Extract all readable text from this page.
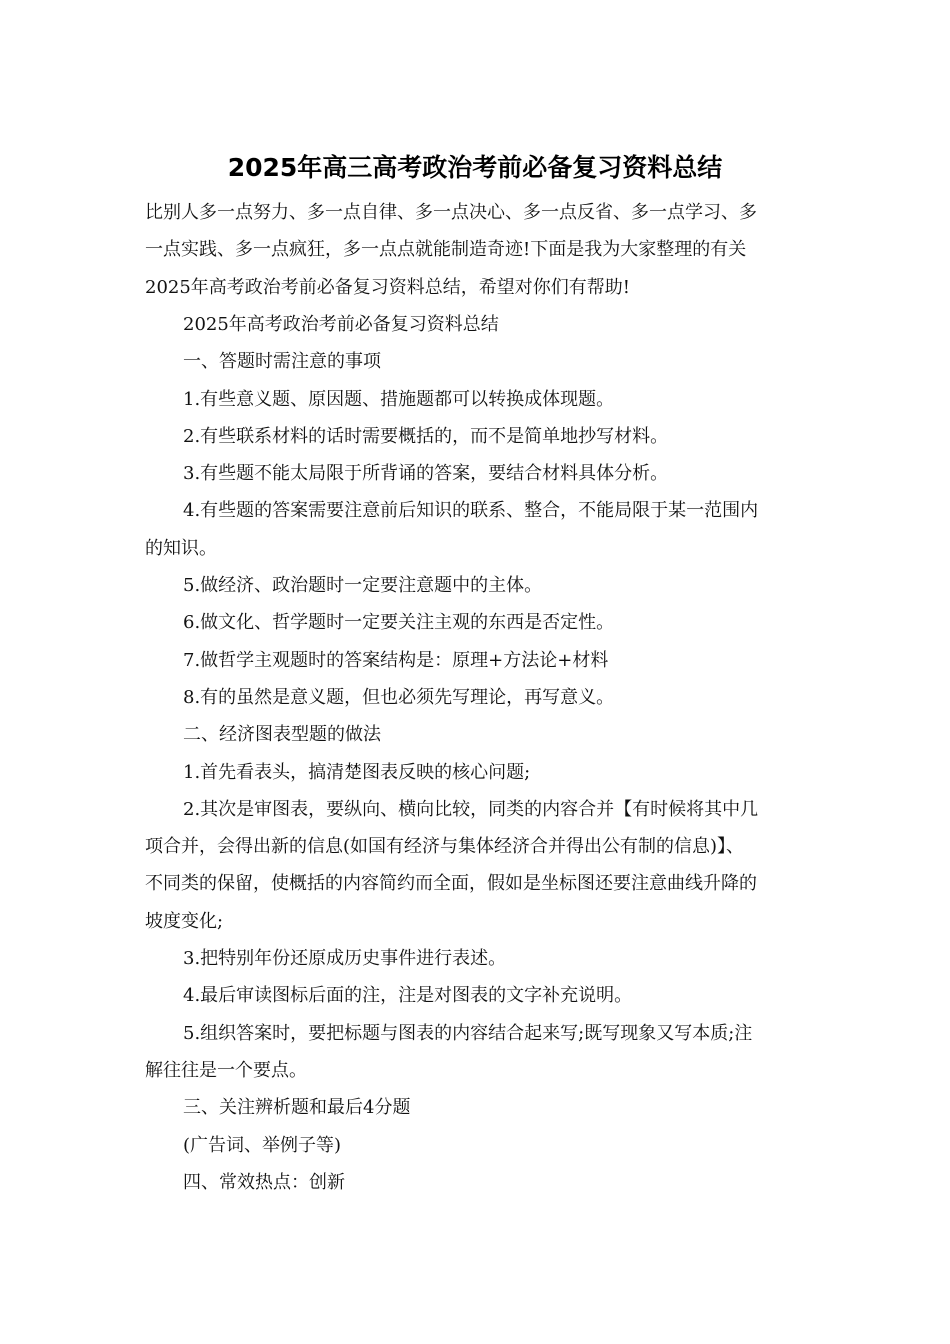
2025年高三高考政治考前必备复习资料总结
比别人多一点努力、多一点自律、多一点决心、多一点反省、多一点学习、多
一点实践、多一点疯狂，多一点点就能制造奇迹!下面是我为大家整理的有关
2025年高考政治考前必备复习资料总结，希望对你们有帮助!
2025年高考政治考前必备复习资料总结
一、答题时需注意的事项
1.有些意义题、原因题、措施题都可以转换成体现题。
2.有些联系材料的话时需要概括的，而不是简单地抄写材料。
3.有些题不能太局限于所背诵的答案，要结合材料具体分析。
4.有些题的答案需要注意前后知识的联系、整合，不能局限于某一范围内
的知识。
5.做经济、政治题时一定要注意题中的主体。
6.做文化、哲学题时一定要关注主观的东西是否定性。
7.做哲学主观题时的答案结构是：原理+方法论+材料
8.有的虽然是意义题，但也必须先写理论，再写意义。
二、经济图表型题的做法
1.首先看表头，搞清楚图表反映的核心问题;
2.其次是审图表，要纵向、横向比较，同类的内容合并【有时候将其中几
项合并，会得出新的信息(如国有经济与集体经济合并得出公有制的信息)】、
不同类的保留，使概括的内容简约而全面，假如是坐标图还要注意曲线升降的
坡度变化;
3.把特别年份还原成历史事件进行表述。
4.最后审读图标后面的注，注是对图表的文字补充说明。
5.组织答案时，要把标题与图表的内容结合起来写;既写现象又写本质;注
解往往是一个要点。
三、关注辨析题和最后4分题
(广告词、举例子等)
四、常效热点：创新
